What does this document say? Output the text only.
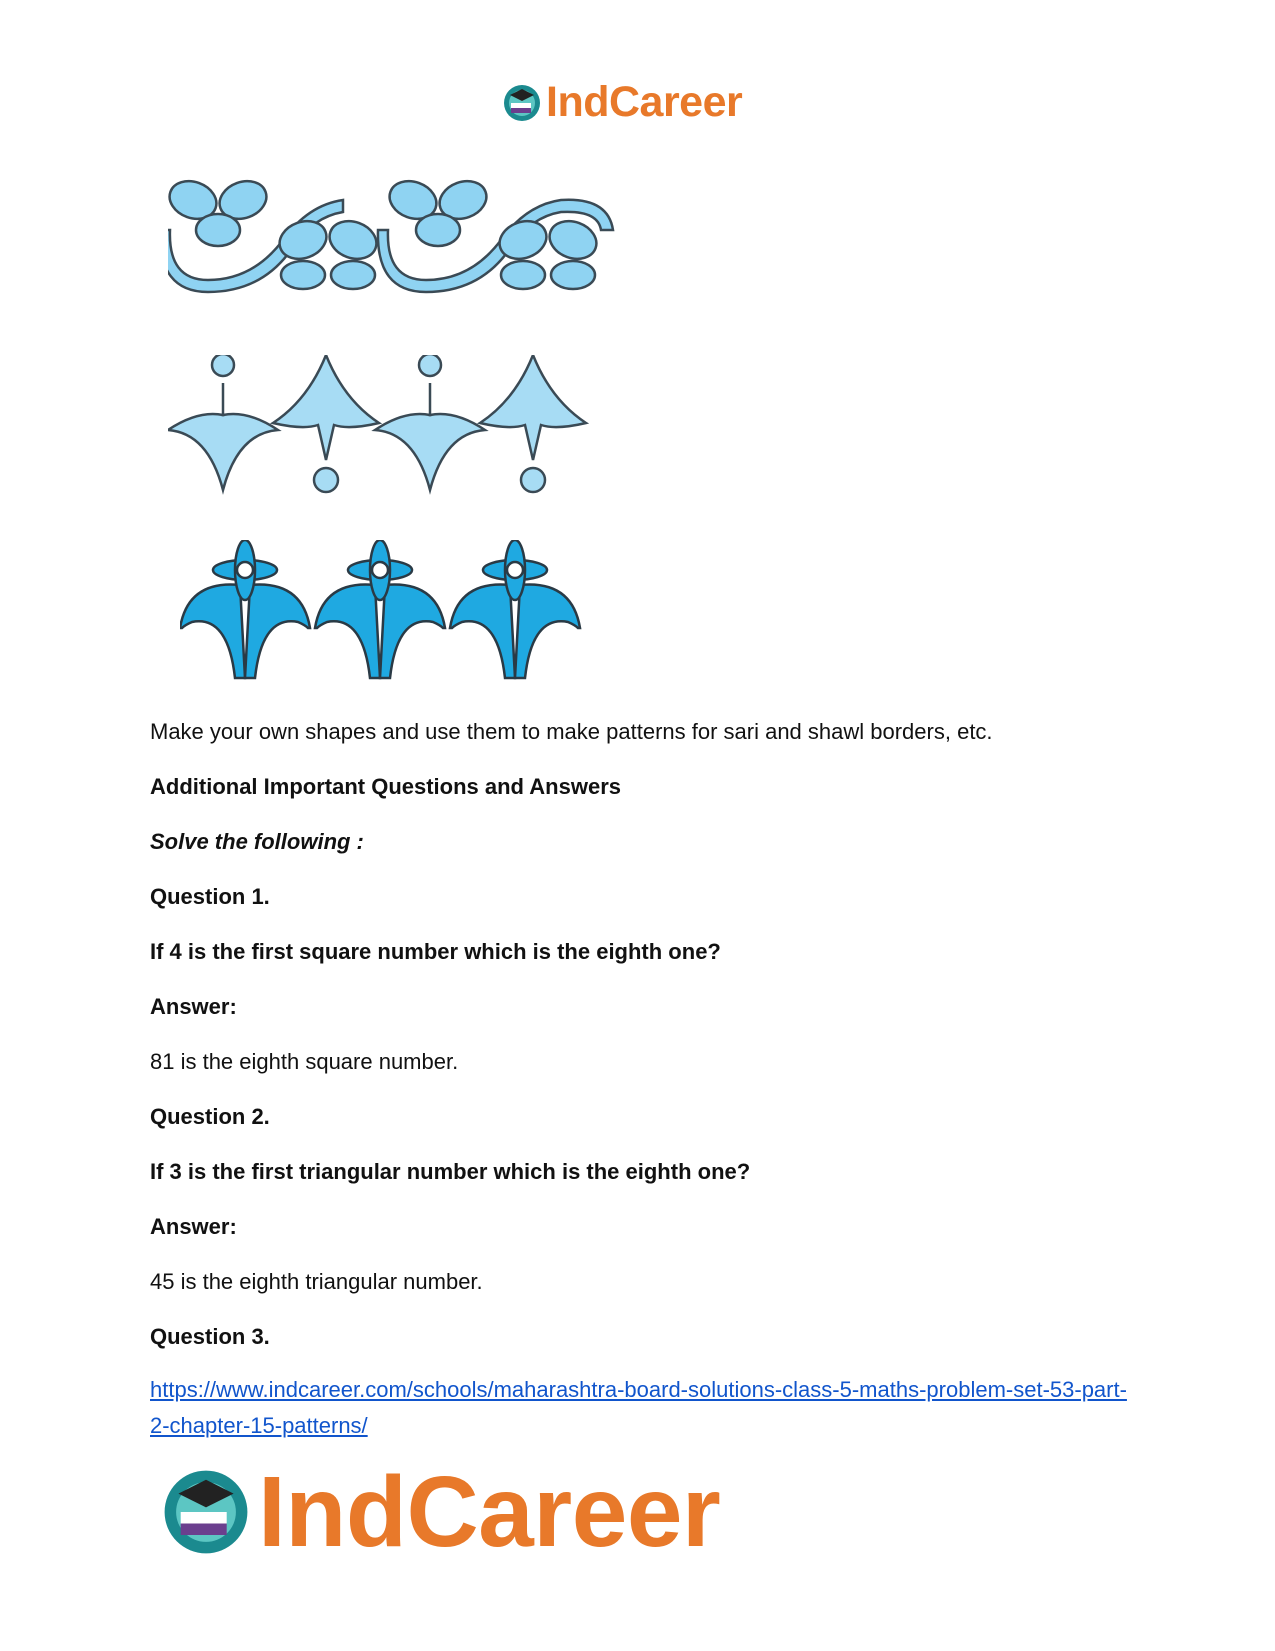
IndCareer
Make your own shapes and use them to make patterns for sari and shawl borders, etc.
Additional Important Questions and Answers
Solve the following :
Question 1.
If 4 is the first square number which is the eighth one?
Answer:
81 is the eighth square number.
Question 2.
If 3 is the first triangular number which is the eighth one?
Answer:
45 is the eighth triangular number.
Question 3.
https://www.indcareer.com/schools/maharashtra-board-solutions-class-5-maths-problem-set-53-part-2-chapter-15-patterns/
IndCareer
